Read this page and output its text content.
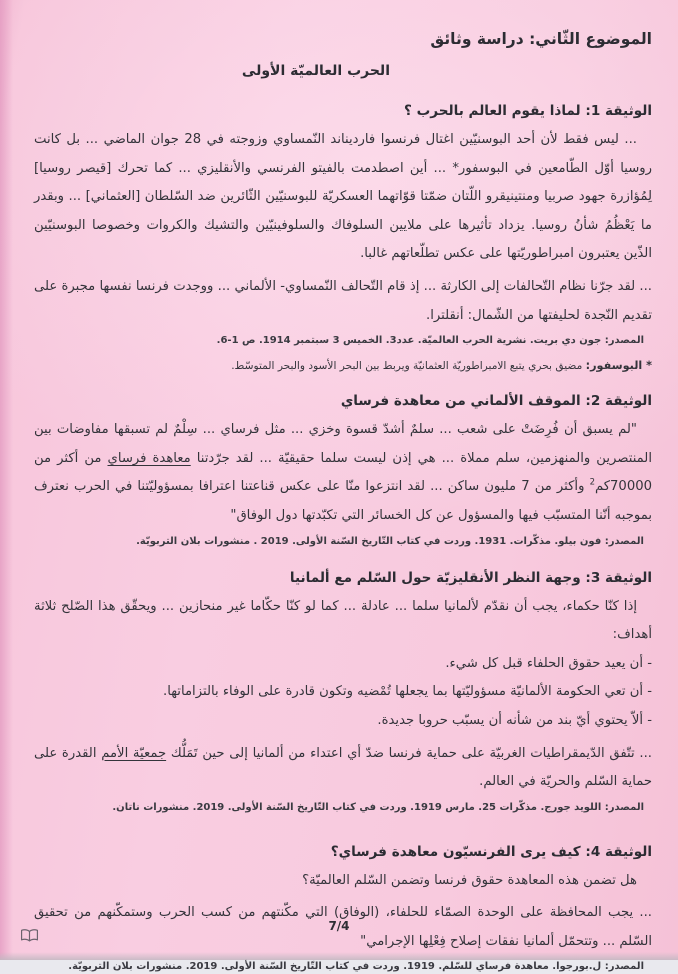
الموضوع الثّاني: دراسة وثائق
الحرب العالميّة الأولى
الوثيقة 1: لماذا يقوم العالم بالحرب ؟

... ليس فقط لأن أحد البوسنيّين اغتال فرنسوا فارديناند النّمساوي وزوجته في 28 جوان الماضي ... بل كانت روسيا أوّل الطّامعين في البوسفور* ... أين اصطدمت بالفيتو الفرنسي والأنقليزي ... كما تحرك [قيصر روسيا] لِمُؤازرة جهود صربيا ومنتينيقرو اللّتان ضمّتا قوّاتهما العسكريّة للبوسنيّين الثّائرين ضد السّلطان [العثماني] ... وبقدر ما يَعْظُمُ شأنُ روسيا. يزداد تأثيرها على ملايين السلوفاك والسلوفينيّين والتشيك والكروات وخصوصا البوسنيّين الذّين يعتبرون امبراطوريّتها على عكس تطلّعاتهم غالبا.

... لقد جرّنا نظام التّحالفات إلى الكارثة ... إذ قام التّحالف النّمساوي- الألماني ... ووجدت فرنسا نفسها مجبرة على تقديم النّجدة لحليفتها من الشّمال: أنقلترا.

المصدر: جون دي بريت. نشرية الحرب العالميّة. عدد3. الخميس 3 سبتمبر 1914. ص 1-6.
* البوسفور: مضيق بحري يتبع الامبراطوريّة العثمانيّة ويربط بين البحر الأسود والبحر المتوسّط.
الوثيقة 2: الموقف الألماني من معاهدة فرساي

"لم يسبق أن فُرِضَتْ على شعب ... سلمٌ أشدّ قسوة وخزي ... مثل فرساي ... سِلْمٌ لم تسبقها مفاوضات بين المنتصرين والمنهزمين، سلم مملاة ... هي إذن ليست سلما حقيقيّة ... لقد جرّدتنا معاهدة فرساي من أكثر من 70000كم$^2$ وأكثر من 7 مليون ساكن ... لقد انتزعوا منّا على عكس قناعتنا اعترافا بمسؤوليّتنا في الحرب نعترف بموجبه أنّنا المتسبّب فيها والمسؤول عن كل الخسائر التي تكبّدتها دول الوفاق"

المصدر: فون بيلو. مذكّرات. 1931. وردت في كتاب التّاريخ السّنة الأولى. 2019 . منشورات بلان التربويّة.
الوثيقة 3: وجهة النظر الأنقليزيّة حول السّلم مع ألمانيا

إذا كنّا حكماء، يجب أن نقدّم لألمانيا سلما ... عادلة ... كما لو كنّا حكّاما غير منحازين ... ويحقّق هذا الصّلح ثلاثة أهداف:

- أن يعيد حقوق الحلفاء قبل كل شيء.

- أن تعي الحكومة الألمانيّة مسؤوليّتها بما يجعلها تُمْضيه وتكون قادرة على الوفاء بالتزاماتها.

- ألاّ يحتوي أيّ بند من شأنه أن يسبّب حروبا جديدة.

... تتّفق الدّيمقراطيات الغربيّة على حماية فرنسا ضدّ أي اعتداء من ألمانيا إلى حين تَمَلُّك جمعيّة الأمم القدرة على حماية السّلم والحريّة في العالم.

المصدر: اللويد جورج. مذكّرات 25. مارس 1919. وردت في كتاب التّاريخ السّنة الأولى. 2019. منشورات ناتان.
الوثيقة 4: كيف يرى الفرنسيّون معاهدة فرساي؟

هل تضمن هذه المعاهدة حقوق فرنسا وتضمن السّلم العالميّة؟

... يجب المحافظة على الوحدة الصمّاء للحلفاء، (الوفاق) التي مكّنتهم من كسب الحرب وستمكّنهم من تحقيق السّلم ... وتتحمّل ألمانيا نفقات إصلاح فِعْلِها الإجرامي"

المصدر: ل.بورجوا. معاهدة فرساي للسّلم. 1919. وردت في كتاب التّاريخ السّنة الأولى. 2019. منشورات بلان التربويّة.
7/4
